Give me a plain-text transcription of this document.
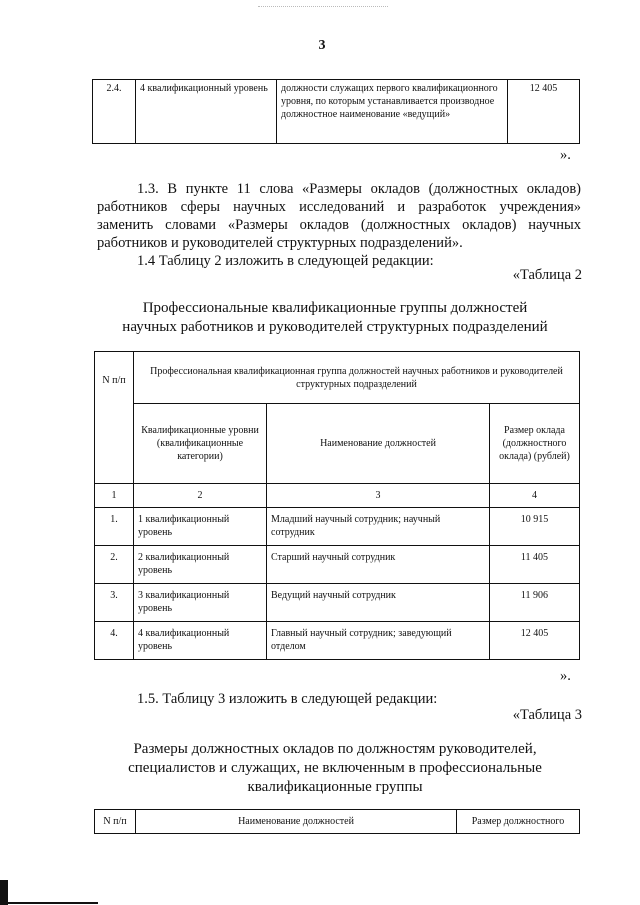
3
2.4.	4 квалификационный уровень	должности служащих первого квалификационного уровня, по которым устанавливается производное должностное наименование «ведущий»	12 405
».

1.3. В пункте 11 слова «Размеры окладов (должностных окладов) работников сферы научных исследований и разработок учреждения» заменить словами «Размеры окладов (должностных окладов) научных работников и руководителей структурных подразделений».

1.4 Таблицу 2 изложить в следующей редакции:

«Таблица 2

Профессиональные квалификационные группы должностей

научных работников и руководителей структурных подразделений

N п/п	Профессиональная квалификационная группа должностей научных работников и руководителей структурных подразделений		
	Квалификационные уровни (квалификационные категории)	Наименование должностей	Размер оклада (должностного оклада) (рублей)
1	2	3	4
1.	1 квалификационный уровень	Младший научный сотрудник; научный сотрудник	10 915
2.	2 квалификационный уровень	Старший научный сотрудник	11 405
3.	3 квалификационный уровень	Ведущий научный сотрудник	11 906
4.	4 квалификационный уровень	Главный научный сотрудник; заведующий отделом	12 405
».

1.5. Таблицу 3 изложить в следующей редакции:

«Таблица 3

Размеры должностных окладов по должностям руководителей,

специалистов и служащих, не включенным в профессиональные

квалификационные группы

N п/п	Наименование должностей	Размер должностного
